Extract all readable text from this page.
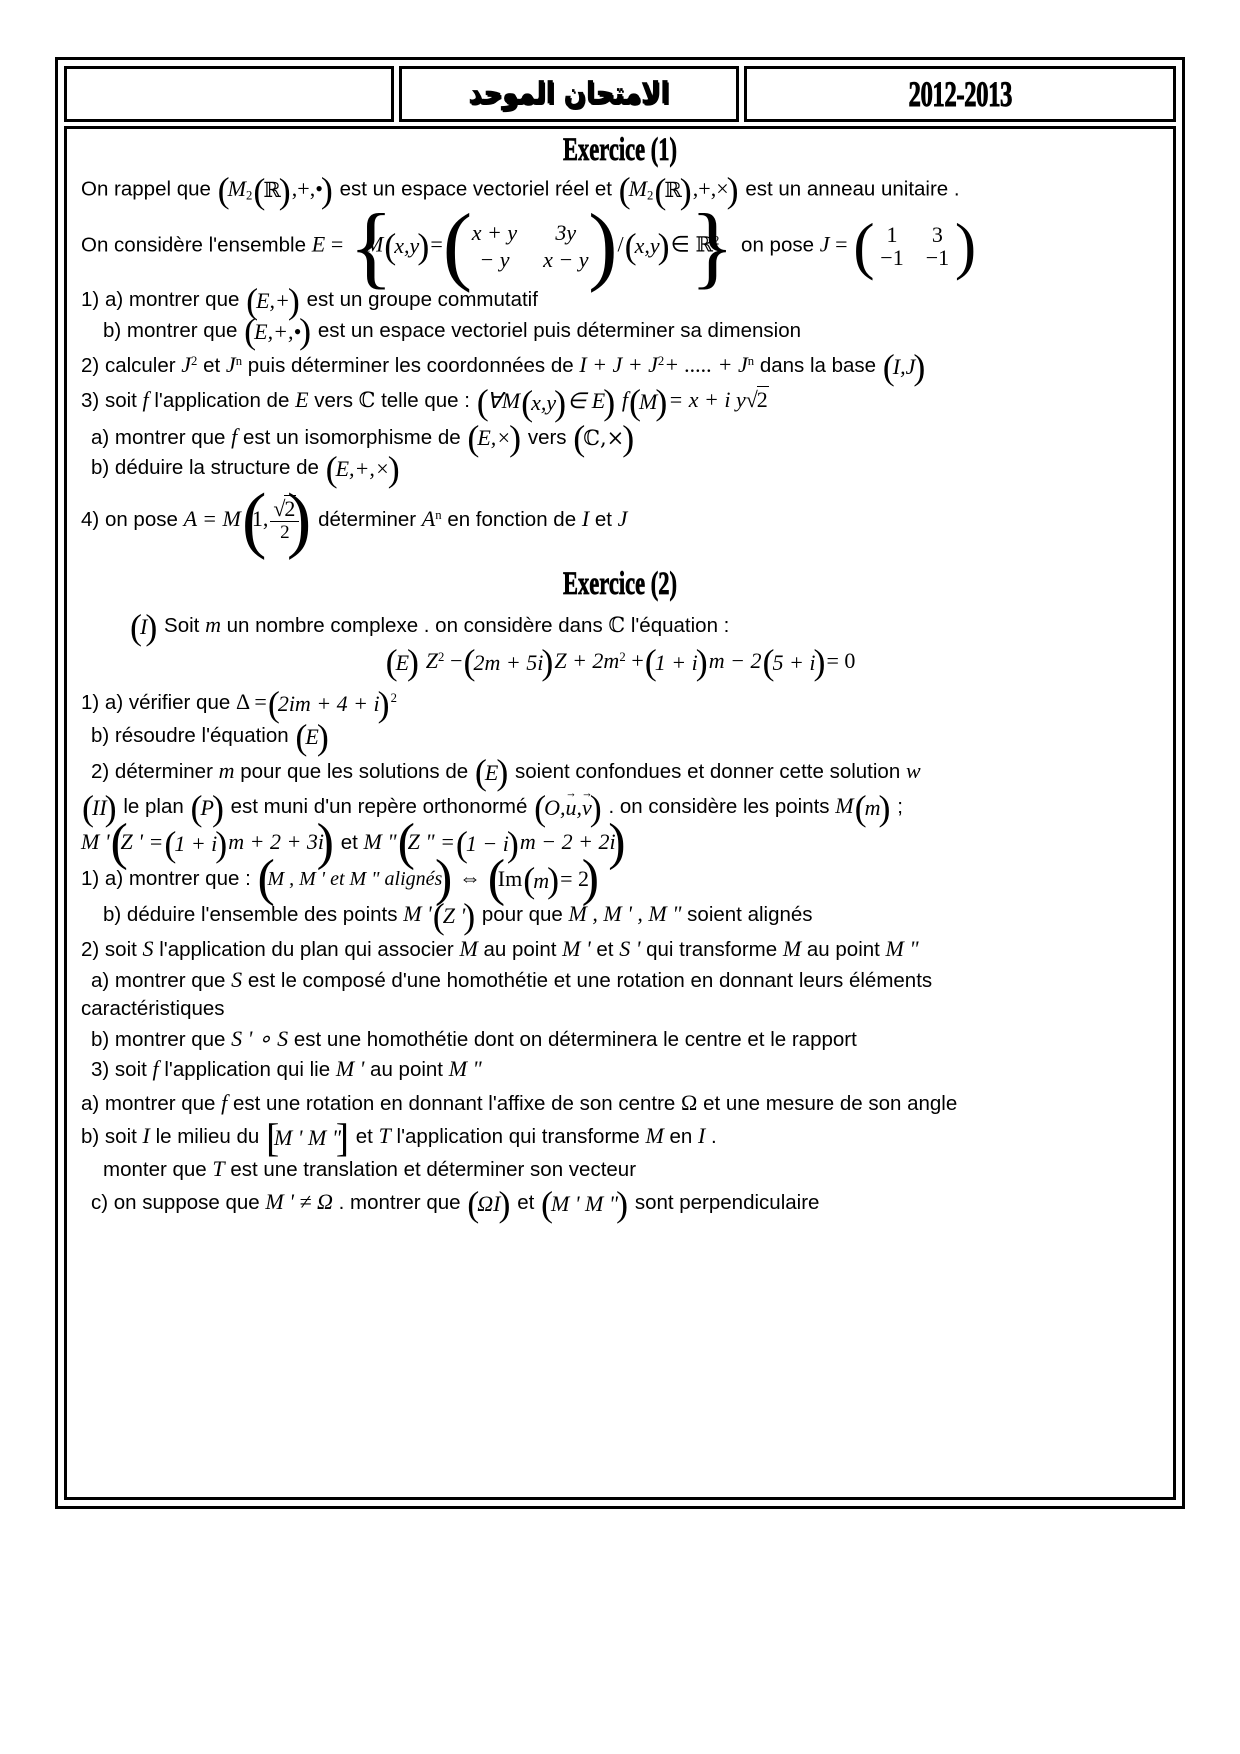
الامتحان الموحد	2012-2013
Exercice (1)
On rappel que ( $M_2$ ( ℝ ) ,+,• ) est un espace vectoriel réel et ( $M_2$ ( ℝ ) ,+,× ) est un anneau unitaire .
On considère l'ensemble E = { M ( x,y ) = ( x + y	3y
− y	x − y
)/ ( x,y ) ∈ ℝ$^2$ } on pose J = ( 1	3
−1	−1
)
1) a) montrer que ( E,+ ) est un groupe commutatif
b) montrer que ( E,+,• ) est un espace vectoriel puis déterminer sa dimension
2) calculer $J^2$ et $J^n$ puis déterminer les coordonnées de $I + J + J^2+$ ..... + $J^n$ dans la base ( I,J )
3) soit f l'application de E vers ℂ telle que : ( ∀M ( x,y ) ∈ E ) f ( M ) = x + i y√2
a) montrer que f est un isomorphisme de ( E,× ) vers ( ℂ,× )
b) déduire la structure de ( E,+,× )
4) on pose A = M ( 1, $\frac{√2}{2}$
) déterminer $A^n$ en fonction de I et J
Exercice (2)
( I ) Soit m un nombre complexe . on considère dans ℂ l'équation :
( E ) $Z^2$ − ( 2m + 5i ) $Z + 2m^2$ + ( 1 + i ) m − 2 ( 5 + i ) = 0
1) a) vérifier que Δ = ( 2im + 4 + i ) $^2$
b) résoudre l'équation ( E )
2) déterminer m pour que les solutions de ( E ) soient confondues et donner cette solution w
( II ) le plan ( P ) est muni d'un repère orthonormé ( O,u →,v → ) . on considère les points M ( m ) ;
M ' ( Z ' = ( 1 + i ) m + 2 + 3i ) et M " ( Z " = ( 1 − i ) m − 2 + 2i )
1) a) montrer que : ( M , M ' et M " alignés ) ⇔ ( Im ( m ) = 2 )
b) déduire l'ensemble des points M ' ( Z ' ) pour que M , M ' , M " soient alignés
2) soit S l'application du plan qui associer M au point M ' et S ' qui transforme M au point M "
a) montrer que S est le composé d'une homothétie et une rotation en donnant leurs éléments
caractéristiques
b) montrer que S ' ∘ S est une homothétie dont on déterminera le centre et le rapport
3) soit f l'application qui lie M ' au point M "
a) montrer que f est une rotation en donnant l'affixe de son centre Ω et une mesure de son angle
b) soit I le milieu du [ M ' M " ] et T l'application qui transforme M en I .
monter que T est une translation et déterminer son vecteur
c) on suppose que M ' ≠ Ω . montrer que ( ΩI ) et ( M ' M " ) sont perpendiculaire
